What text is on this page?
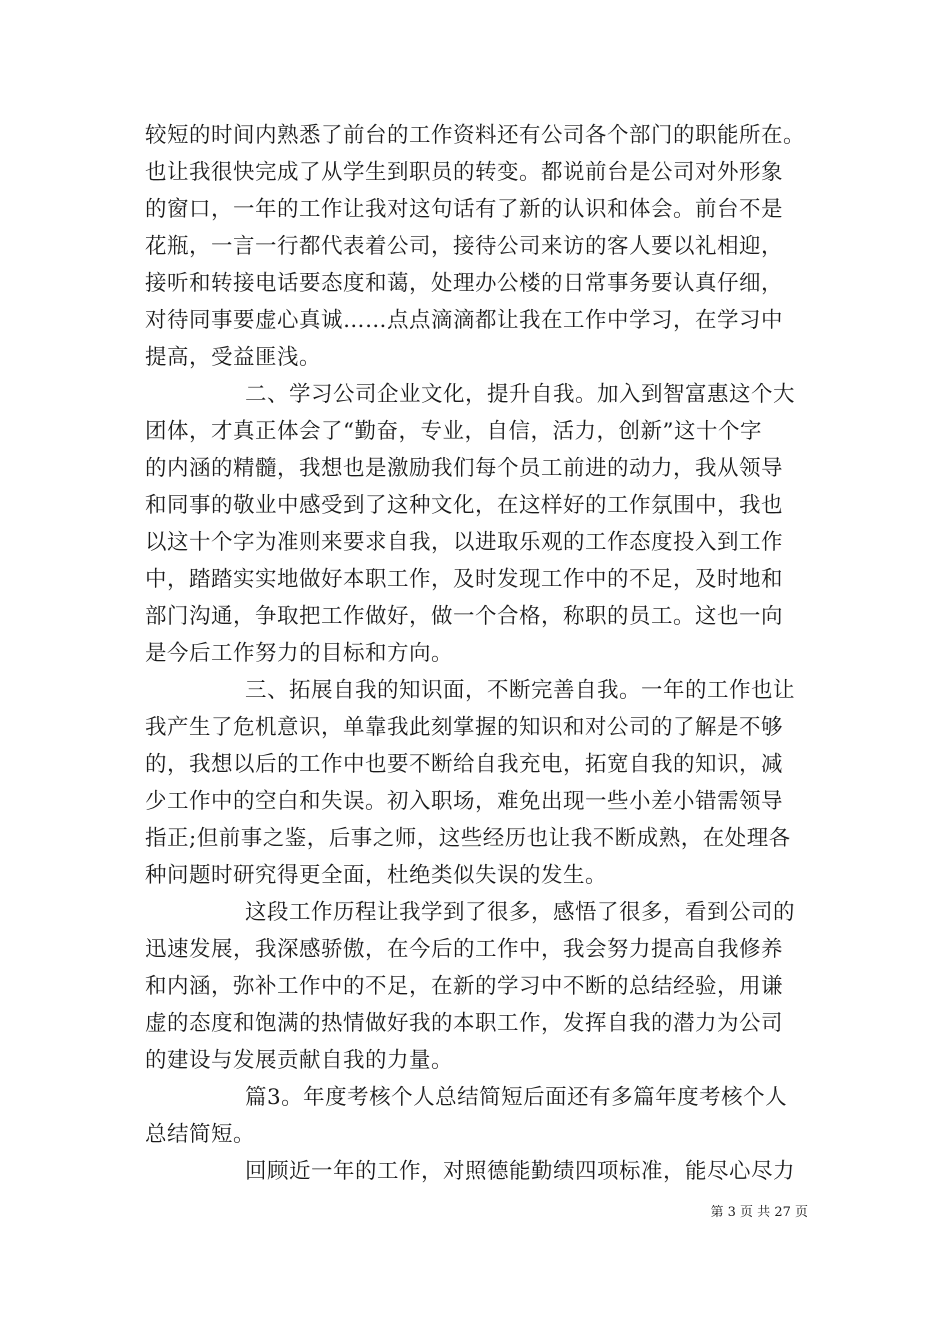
较短的时间内熟悉了前台的工作资料还有公司各个部门的职能所在。
也让我很快完成了从学生到职员的转变。都说前台是公司对外形象
的窗口，一年的工作让我对这句话有了新的认识和体会。前台不是
花瓶，一言一行都代表着公司，接待公司来访的客人要以礼相迎，
接听和转接电话要态度和蔼，处理办公楼的日常事务要认真仔细，
对待同事要虚心真诚……点点滴滴都让我在工作中学习，在学习中
提高，受益匪浅。
二、学习公司企业文化，提升自我。加入到智富惠这个大
团体，才真正体会了“勤奋，专业，自信，活力，创新”这十个字
的内涵的精髓，我想也是激励我们每个员工前进的动力，我从领导
和同事的敬业中感受到了这种文化，在这样好的工作氛围中，我也
以这十个字为准则来要求自我，以进取乐观的工作态度投入到工作
中，踏踏实实地做好本职工作，及时发现工作中的不足，及时地和
部门沟通，争取把工作做好，做一个合格，称职的员工。这也一向
是今后工作努力的目标和方向。
三、拓展自我的知识面，不断完善自我。一年的工作也让
我产生了危机意识，单靠我此刻掌握的知识和对公司的了解是不够
的，我想以后的工作中也要不断给自我充电，拓宽自我的知识，减
少工作中的空白和失误。初入职场，难免出现一些小差小错需领导
指正;但前事之鉴，后事之师，这些经历也让我不断成熟，在处理各
种问题时研究得更全面，杜绝类似失误的发生。
这段工作历程让我学到了很多，感悟了很多，看到公司的
迅速发展，我深感骄傲，在今后的工作中，我会努力提高自我修养
和内涵，弥补工作中的不足，在新的学习中不断的总结经验，用谦
虚的态度和饱满的热情做好我的本职工作，发挥自我的潜力为公司
的建设与发展贡献自我的力量。
篇3。年度考核个人总结简短后面还有多篇年度考核个人
总结简短。
回顾近一年的工作，对照德能勤绩四项标准，能尽心尽力
第 3 页 共 27 页
